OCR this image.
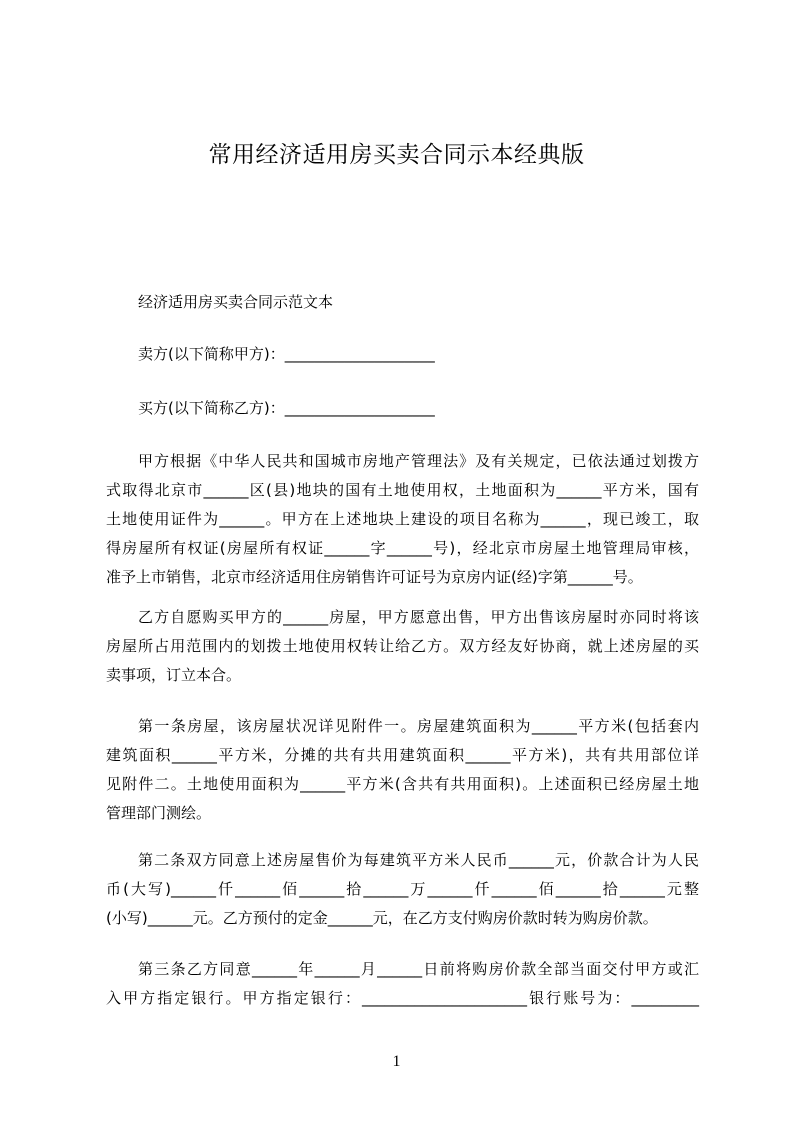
常用经济适用房买卖合同示本经典版
经济适用房买卖合同示范文本
卖方(以下简称甲方)：____________________
买方(以下简称乙方)：____________________
甲方根据《中华人民共和国城市房地产管理法》及有关规定，已依法通过划拨方
式取得北京市______区(县)地块的国有土地使用权，土地面积为______平方米，国有
土地使用证件为______。甲方在上述地块上建设的项目名称为______，现已竣工，取
得房屋所有权证(房屋所有权证______字______号)，经北京市房屋土地管理局审核，
准予上市销售，北京市经济适用住房销售许可证号为京房内证(经)字第______号。
乙方自愿购买甲方的______房屋，甲方愿意出售，甲方出售该房屋时亦同时将该
房屋所占用范围内的划拨土地使用权转让给乙方。双方经友好协商，就上述房屋的买
卖事项，订立本合。
第一条房屋，该房屋状况详见附件一。房屋建筑面积为______平方米(包括套内
建筑面积______平方米，分摊的共有共用建筑面积______平方米)，共有共用部位详
见附件二。土地使用面积为______平方米(含共有共用面积)。上述面积已经房屋土地
管理部门测绘。
第二条双方同意上述房屋售价为每建筑平方米人民币______元，价款合计为人民
币(大写)______仟______佰______拾______万______仟______佰______拾______元整
(小写)______元。乙方预付的定金______元，在乙方支付购房价款时转为购房价款。
第三条乙方同意______年______月______日前将购房价款全部当面交付甲方或汇
入甲方指定银行。甲方指定银行：______________________银行账号为：_________
1
